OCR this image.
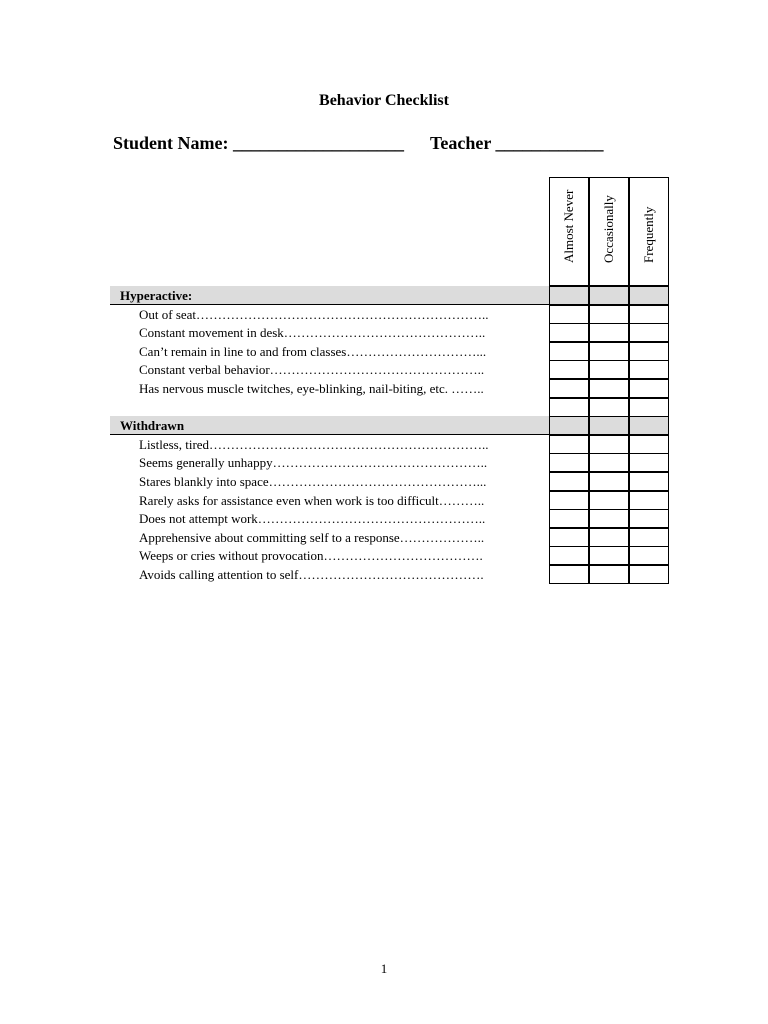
Behavior Checklist
Student Name: ___________________ Teacher ____________
Almost Never Occasionally Frequently
Hyperactive:
Out of seat…………………………………………………………..
Constant movement in desk………………………………………..
Can’t remain in line to and from classes…………………………...
Constant verbal behavior…………………………………………..
Has nervous muscle twitches, eye-blinking, nail-biting, etc. ……..
Withdrawn
Listless, tired………………………………………………………..
Seems generally unhappy…………………………………………..
Stares blankly into space…………………………………………...
Rarely asks for assistance even when work is too difficult………..
Does not attempt work……………………………………………..
Apprehensive about committing self to a response………………..
Weeps or cries without provocation……………………………….
Avoids calling attention to self…………………………………….
1
